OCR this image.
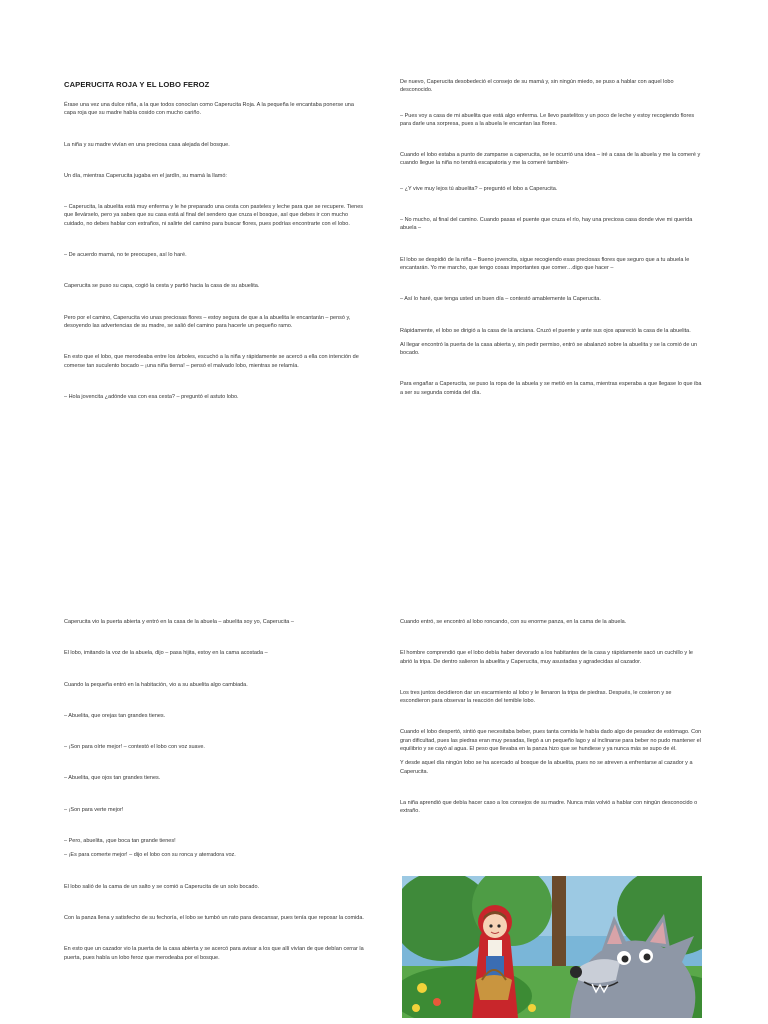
CAPERUCITA ROJA Y EL LOBO FEROZ

Érase una vez una dulce niña, a la que todos conocían como Caperucita Roja. A la pequeña le encantaba ponerse una capa roja que su madre había cosido con mucho cariño.

La niña y su madre vivían en una preciosa casa alejada del bosque.

Un día, mientras Caperucita jugaba en el jardín, su mamá la llamó:

– Caperucita, la abuelita está muy enferma y le he preparado una cesta con pasteles y leche para que se recupere. Tienes que llevárselo, pero ya sabes que su casa está al final del sendero que cruza el bosque, así que debes ir con mucho cuidado, no debes hablar con extraños, ni salirte del camino para buscar flores, pues podrías encontrarte con el lobo.

– De acuerdo mamá, no te preocupes, así lo haré.

Caperucita se puso su capa, cogió la cesta y partió hacia la casa de su abuelita.

Pero por el camino, Caperucita vio unas preciosas flores – estoy segura de que a la abuelita le encantarán – pensó y, desoyendo las advertencias de su madre, se salió del camino para hacerle un pequeño ramo.

En esto que el lobo, que merodeaba entre los árboles, escuchó a la niña y rápidamente se acercó a ella con intención de comerse tan suculento bocado – ¡una niña tierna! – pensó el malvado lobo, mientras se relamía.

– Hola jovencita ¿adónde vas con esa cesta? – preguntó el astuto lobo.

De nuevo, Caperucita desobedeció el consejo de su mamá y, sin ningún miedo, se puso a hablar con aquel lobo desconocido.

– Pues voy a casa de mi abuelita que está algo enferma. Le llevo pastelitos y un poco de leche y estoy recogiendo flores para darle una sorpresa, pues a la abuela le encantan las flores.

Cuando el lobo estaba a punto de zamparse a caperucita, se le ocurrió una idea – iré a casa de la abuela y me la comeré y cuando llegue la niña no tendrá escapatoria y me la comeré también-

– ¿Y vive muy lejos tú abuelita? – preguntó el lobo a Caperucita.

– No mucho, al final del camino. Cuando pasas el puente que cruza el río, hay una preciosa casa donde vive mi querida abuela –

El lobo se despidió de la niña – Bueno jovencita, sigue recogiendo esas preciosas flores que seguro que a tu abuela le encantarán. Yo me marcho, que tengo cosas importantes que comer…digo que hacer –

– Así lo haré, que tenga usted un buen día – contestó amablemente la Caperucita.

Rápidamente, el lobo se dirigió a la casa de la anciana. Cruzó el puente y ante sus ojos apareció la casa de la abuelita.

Al llegar encontró la puerta de la casa abierta y, sin pedir permiso, entró se abalanzó sobre la abuelita y se la comió de un bocado.

Para engañar a Caperucita, se puso la ropa de la abuela y se metió en la cama, mientras esperaba a que llegase lo que iba a ser su segunda comida del día.

Caperucita vio la puerta abierta y entró en la casa de la abuela – abuelita soy yo, Caperucita –

El lobo, imitando la voz de la abuela, dijo – pasa hijita, estoy en la cama acostada –

Cuando la pequeña entró en la habitación, vio a su abuelita algo cambiada.

– Abuelita, que orejas tan grandes tienes.

– ¡Son para oírte mejor! – contestó el lobo con voz suave.

– Abuelita, que ojos tan grandes tienes.

– ¡Son para verte mejor!

– Pero, abuelita, ¡que boca tan grande tienes!

– ¡Es para comerte mejor! – dijo el lobo con su ronca y aterradora voz.

El lobo salió de la cama de un salto y se comió a Caperucita de un solo bocado.

Con la panza llena y satisfecho de su fechoría, el lobo se tumbó un rato para descansar, pues tenía que reposar la comida.

En esto que un cazador vio la puerta de la casa abierta y se acercó para avisar a los que allí vivían de que debían cerrar la puerta, pues había un lobo feroz que merodeaba por el bosque.

Cuando entró, se encontró al lobo roncando, con su enorme panza, en la cama de la abuela.

El hombre comprendió que el lobo debía haber devorado a los habitantes de la casa y rápidamente sacó un cuchillo y le abrió la tripa. De dentro salieron la abuelita y Caperucita, muy asustadas y agradecidas al cazador.

Los tres juntos decidieron dar un escarmiento al lobo y le llenaron la tripa de piedras. Después, le cosieron y se escondieron para observar la reacción del temible lobo.

Cuando el lobo despertó, sintió que necesitaba beber, pues tanta comida le había dado algo de pesadez de estómago. Con gran dificultad, pues las piedras eran muy pesadas, llegó a un pequeño lago y al inclinarse para beber no pudo mantener el equilibrio y se cayó al agua. El peso que llevaba en la panza hizo que se hundiese y ya nunca más se supo de él.

Y desde aquel día ningún lobo se ha acercado al bosque de la abuelita, pues no se atreven a enfrentarse al cazador y a Caperucita.

La niña aprendió que debía hacer caso a los consejos de su madre. Nunca más volvió a hablar con ningún desconocido o extraño.
